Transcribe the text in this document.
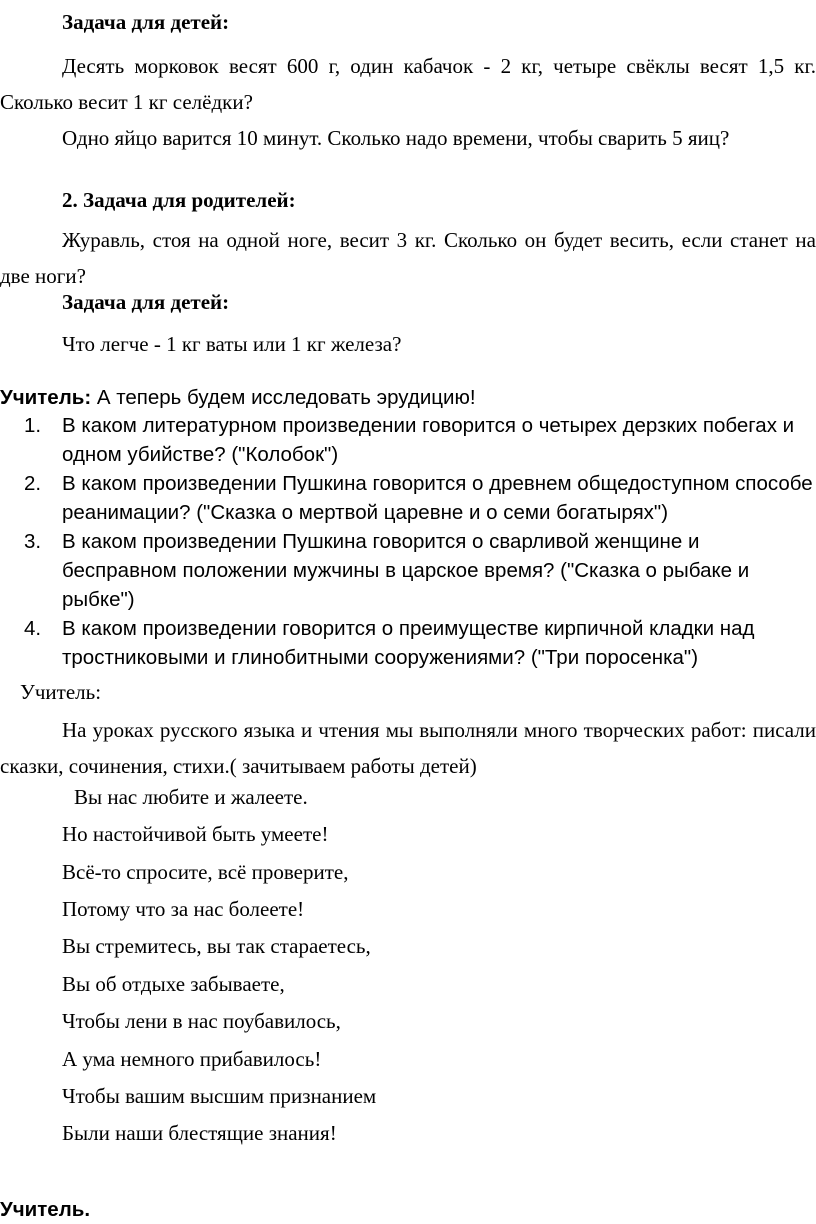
Задача для детей:

Десять морковок весят 600 г, один кабачок - 2 кг, четыре свёклы весят 1,5 кг. Сколько весит 1 кг селёдки?

Одно яйцо варится 10 минут. Сколько надо времени, чтобы сварить 5 яиц?

2. Задача для родителей:

Журавль, стоя на одной ноге, весит 3 кг. Сколько он будет весить, если станет на две ноги?

Задача для детей:

Что легче - 1 кг ваты или 1 кг железа?

Учитель: А теперь будем исследовать эрудицию!

1. В каком литературном произведении говорится о четырех дерзких побегах и одном убийстве? ("Колобок")
2. В каком произведении Пушкина говорится о древнем общедоступном способе реанимации? ("Сказка о мертвой царевне и о семи богатырях")
3. В каком произведении Пушкина говорится о сварливой женщине и бесправном положении мужчины в царское время? ("Сказка о рыбаке и рыбке")
4. В каком произведении говорится о преимуществе кирпичной кладки над тростниковыми и глинобитными сооружениями? ("Три поросенка")

Учитель:

На уроках русского языка и чтения мы выполняли много творческих работ: писали сказки, сочинения, стихи.( зачитываем работы детей)

Вы нас любите и жалеете.

Но настойчивой быть умеете!

Всё-то спросите, всё проверите,

Потому что за нас болеете!

Вы стремитесь, вы так стараетесь,

Вы об отдыхе забываете,

Чтобы лени в нас поубавилось,

А ума немного прибавилось!

Чтобы вашим высшим признанием

Были наши блестящие знания!

Учитель.
